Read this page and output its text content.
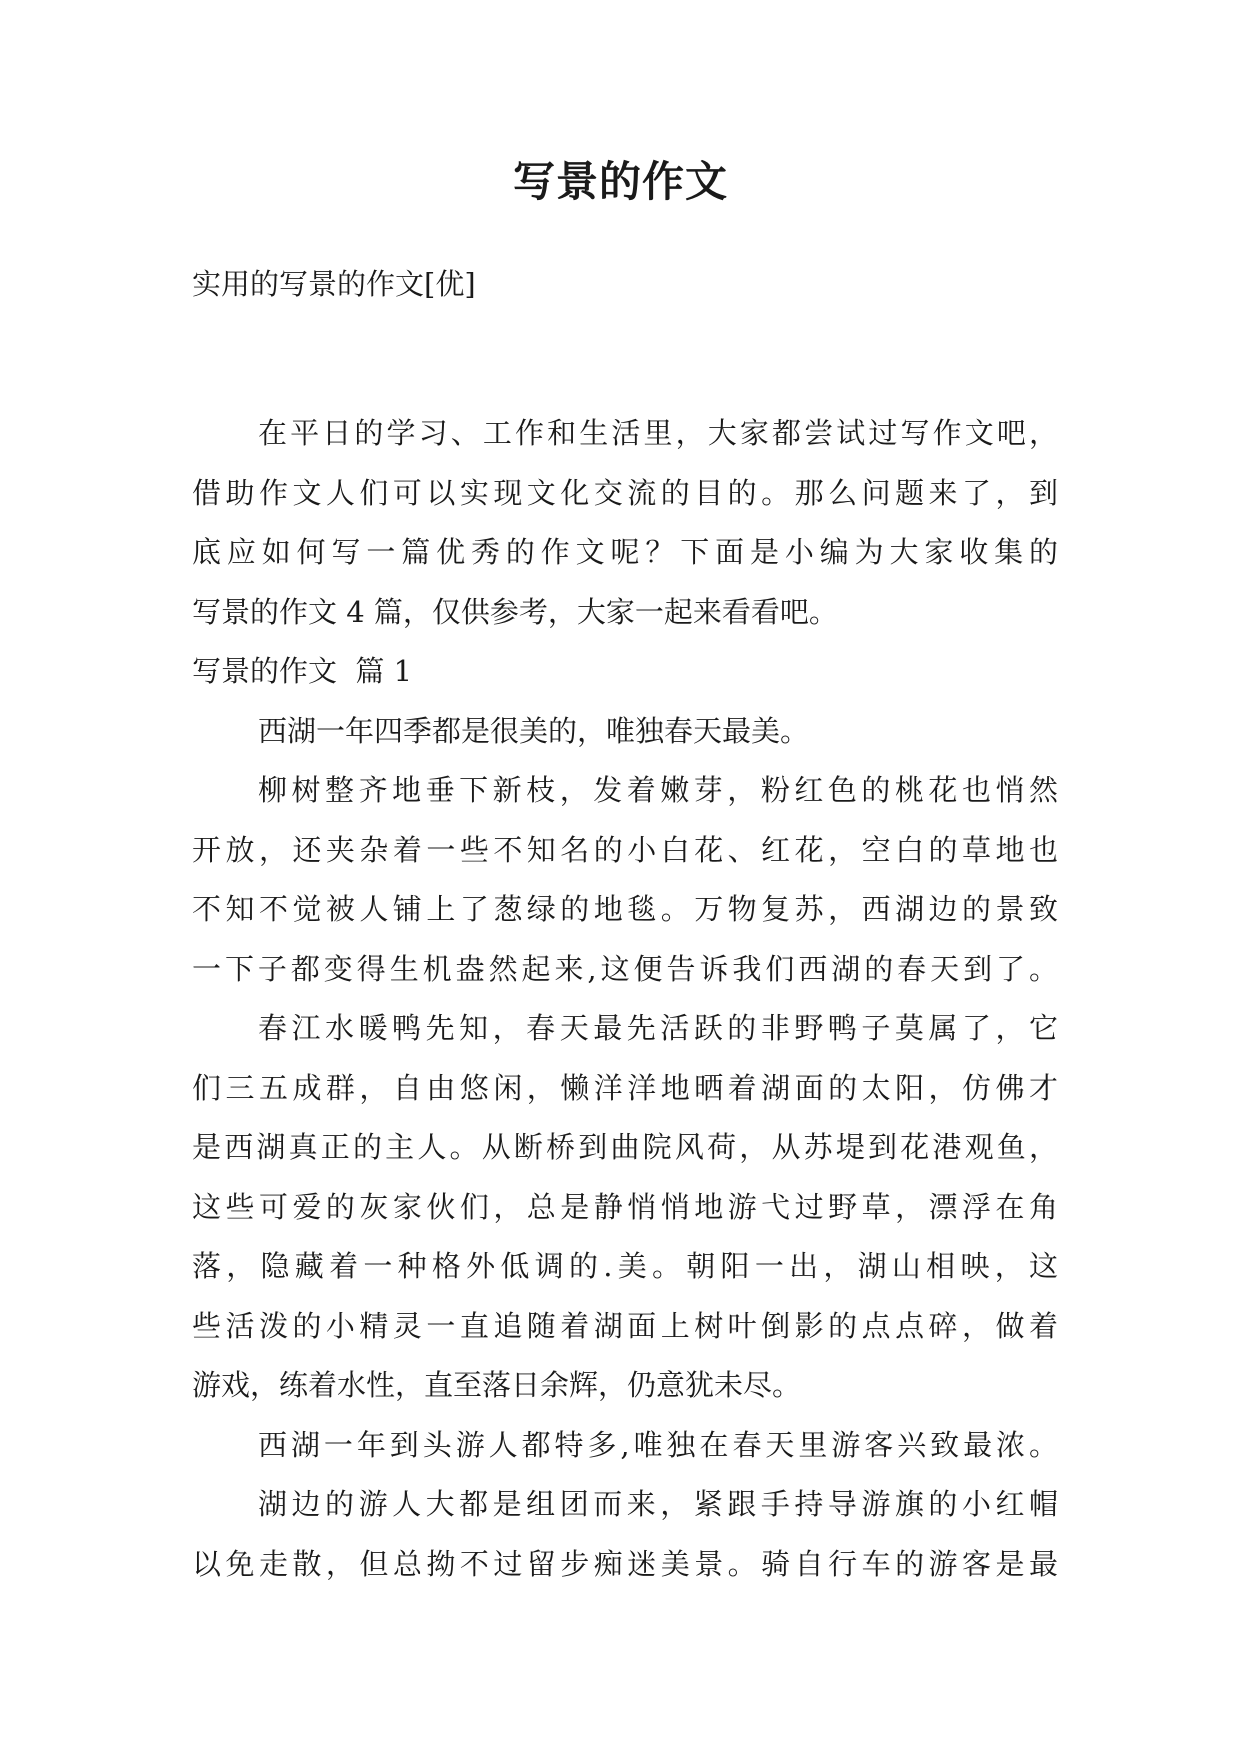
写景的作文
实用的写景的作文[优]
在平日的学习、工作和生活里，大家都尝试过写作文吧，
借助作文人们可以实现文化交流的目的。那么问题来了，到
底应如何写一篇优秀的作文呢？下面是小编为大家收集的
写景的作文 4 篇，仅供参考，大家一起来看看吧。
写景的作文  篇 1
西湖一年四季都是很美的，唯独春天最美。
柳树整齐地垂下新枝，发着嫩芽，粉红色的桃花也悄然
开放，还夹杂着一些不知名的小白花、红花，空白的草地也
不知不觉被人铺上了葱绿的地毯。万物复苏，西湖边的景致
一下子都变得生机盎然起来,这便告诉我们西湖的春天到了。
春江水暖鸭先知，春天最先活跃的非野鸭子莫属了，它
们三五成群，自由悠闲，懒洋洋地晒着湖面的太阳，仿佛才
是西湖真正的主人。从断桥到曲院风荷，从苏堤到花港观鱼，
这些可爱的灰家伙们，总是静悄悄地游弋过野草，漂浮在角
落，隐藏着一种格外低调的.美。朝阳一出，湖山相映，这
些活泼的小精灵一直追随着湖面上树叶倒影的点点碎，做着
游戏，练着水性，直至落日余辉，仍意犹未尽。
西湖一年到头游人都特多,唯独在春天里游客兴致最浓。
湖边的游人大都是组团而来，紧跟手持导游旗的小红帽
以免走散，但总拗不过留步痴迷美景。骑自行车的游客是最
